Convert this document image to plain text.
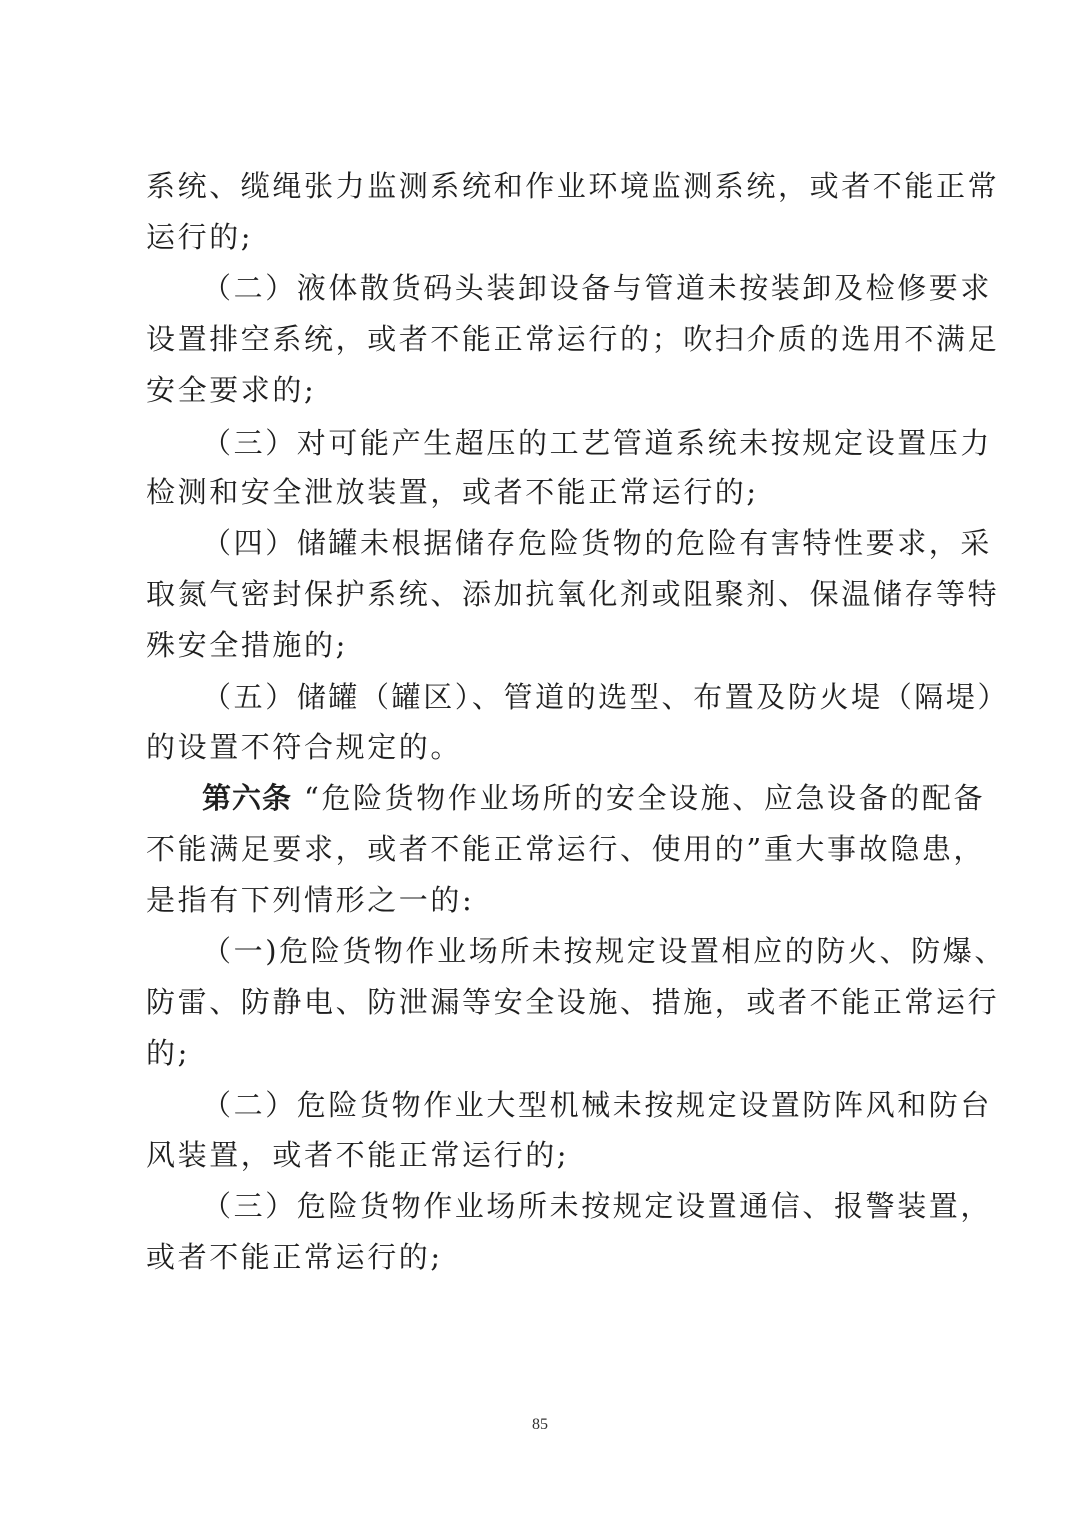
系统、缆绳张力监测系统和作业环境监测系统，或者不能正常
运行的;
（二）液体散货码头装卸设备与管道未按装卸及检修要求
设置排空系统，或者不能正常运行的；吹扫介质的选用不满足
安全要求的;
（三）对可能产生超压的工艺管道系统未按规定设置压力
检测和安全泄放装置，或者不能正常运行的;
（四）储罐未根据储存危险货物的危险有害特性要求，采
取氮气密封保护系统、添加抗氧化剂或阻聚剂、保温储存等特
殊安全措施的;
（五）储罐（罐区）、管道的选型、布置及防火堤（隔堤）
的设置不符合规定的。
第六条 “危险货物作业场所的安全设施、应急设备的配备
不能满足要求，或者不能正常运行、使用的”重大事故隐患，
是指有下列情形之一的:
（一)危险货物作业场所未按规定设置相应的防火、防爆、
防雷、防静电、防泄漏等安全设施、措施，或者不能正常运行
的;
（二）危险货物作业大型机械未按规定设置防阵风和防台
风装置，或者不能正常运行的;
（三）危险货物作业场所未按规定设置通信、报警装置，
或者不能正常运行的;
85
